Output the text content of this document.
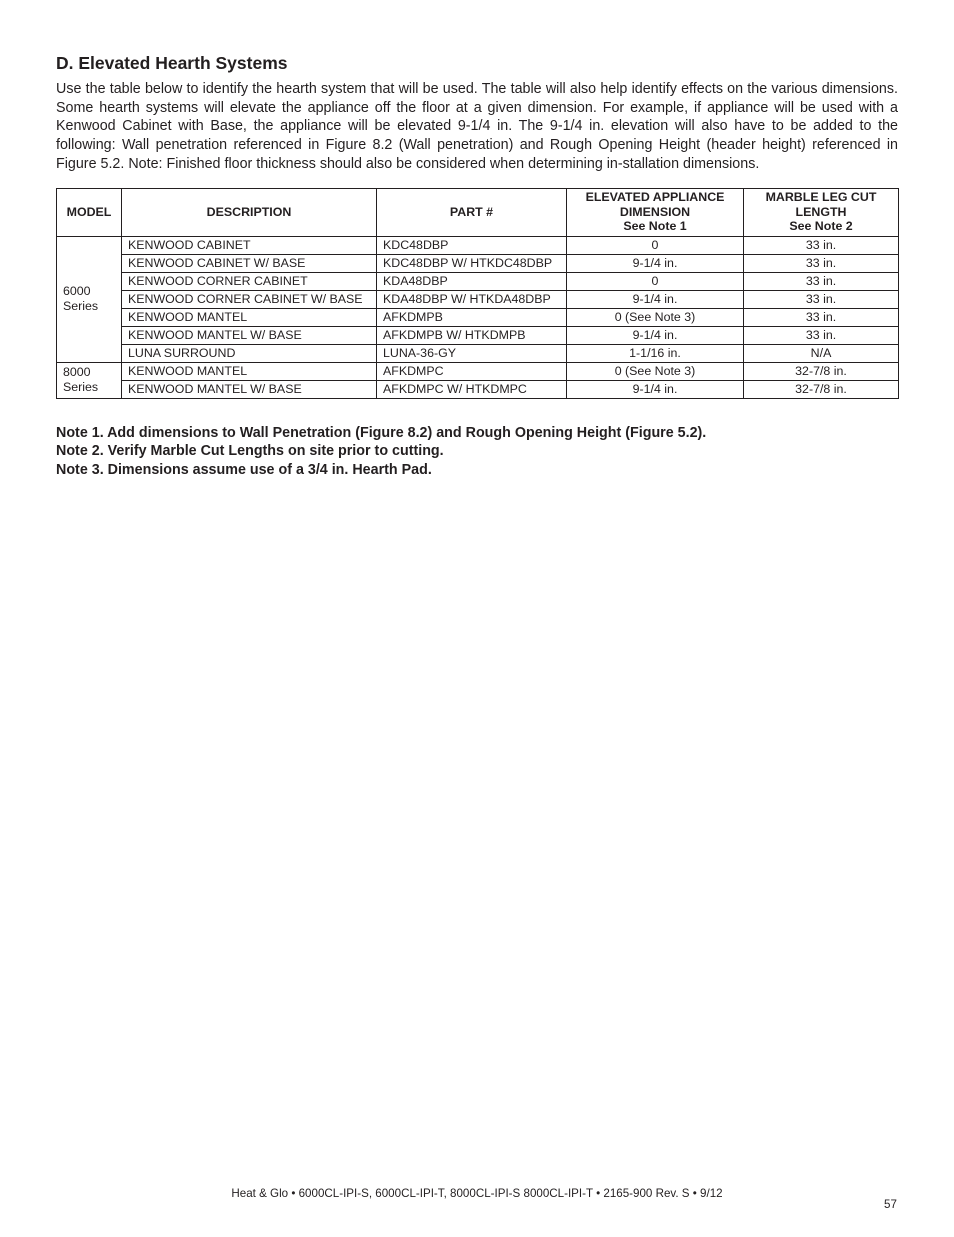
D. Elevated Hearth Systems

Use the table below to identify the hearth system that will be used. The table will also help identify effects on the various dimensions. Some hearth systems will elevate the appliance off the floor at a given dimension. For example, if appliance will be used with a Kenwood Cabinet with Base, the appliance will be elevated 9-1/4 in. The 9-1/4 in. elevation will also have to be added to the following: Wall penetration referenced in Figure 8.2 (Wall penetration) and Rough Opening Height (header height) referenced in Figure 5.2. Note: Finished floor thickness should also be considered when determining in-stallation dimensions.

MODEL	DESCRIPTION	PART #	ELEVATED APPLIANCE
DIMENSION
See Note 1	MARBLE LEG CUT
LENGTH
See Note 2

6000
Series	KENWOOD CABINET	KDC48DBP	0	33 in.
	KENWOOD CABINET W/ BASE	KDC48DBP W/ HTKDC48DBP	9-1/4 in.	33 in.
	KENWOOD CORNER CABINET	KDA48DBP	0	33 in.
	KENWOOD CORNER CABINET W/ BASE	KDA48DBP W/ HTKDA48DBP	9-1/4 in.	33 in.
	KENWOOD MANTEL	AFKDMPB	0 (See Note 3)	33 in.
	KENWOOD MANTEL W/ BASE	AFKDMPB W/ HTKDMPB	9-1/4 in.	33 in.
	LUNA SURROUND	LUNA-36-GY	1-1/16 in.	N/A

8000
Series	KENWOOD MANTEL	AFKDMPC	0 (See Note 3)	32-7/8 in.
	KENWOOD MANTEL W/ BASE	AFKDMPC W/ HTKDMPC	9-1/4 in.	32-7/8 in.
Note 1. Add dimensions to Wall Penetration (Figure 8.2) and Rough Opening Height (Figure 5.2).
Note 2. Verify Marble Cut Lengths on site prior to cutting.
Note 3. Dimensions assume use of a 3/4 in. Hearth Pad.
Heat & Glo • 6000CL-IPI-S, 6000CL-IPI-T, 8000CL-IPI-S 8000CL-IPI-T • 2165-900 Rev. S • 9/12
57
